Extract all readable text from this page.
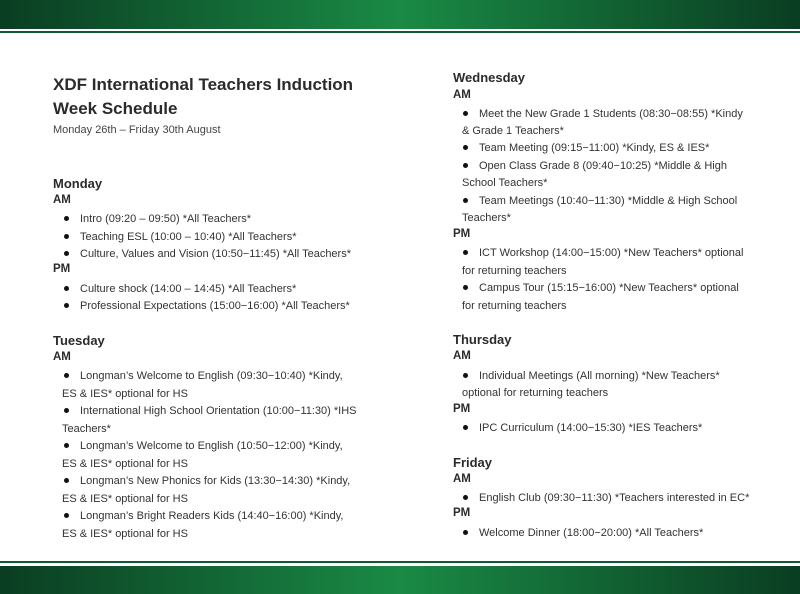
XDF International Teachers Induction
Week Schedule
Monday 26th – Friday 30th August
Monday
AM
Intro (09:20 – 09:50) *All Teachers*
Teaching ESL (10:00 – 10:40) *All Teachers*
Culture, Values and Vision (10:50−11:45) *All Teachers*
PM
Culture shock (14:00 – 14:45) *All Teachers*
Professional Expectations (15:00−16:00) *All Teachers*
Tuesday
AM
Longman’s Welcome to English (09:30−10:40) *Kindy,
ES & IES* optional for HS
International High School Orientation (10:00−11:30) *IHS
Teachers*
Longman’s Welcome to English (10:50−12:00) *Kindy,
ES & IES* optional for HS
Longman’s New Phonics for Kids (13:30−14:30) *Kindy,
ES & IES* optional for HS
Longman’s Bright Readers Kids (14:40−16:00) *Kindy,
ES & IES* optional for HS
Wednesday
AM
Meet the New Grade 1 Students (08:30−08:55) *Kindy
& Grade 1 Teachers*
Team Meeting (09:15−11:00) *Kindy, ES & IES*
Open Class Grade 8 (09:40−10:25) *Middle & High
School Teachers*
Team Meetings (10:40−11:30) *Middle & High School
Teachers*
PM
ICT Workshop (14:00−15:00) *New Teachers* optional
for returning teachers
Campus Tour (15:15−16:00) *New Teachers* optional
for returning teachers
Thursday
AM
Individual Meetings (All morning) *New Teachers*
optional for returning teachers
PM
IPC Curriculum (14:00−15:30) *IES Teachers*
Friday
AM
English Club (09:30−11:30) *Teachers interested in EC*
PM
Welcome Dinner (18:00−20:00) *All Teachers*
